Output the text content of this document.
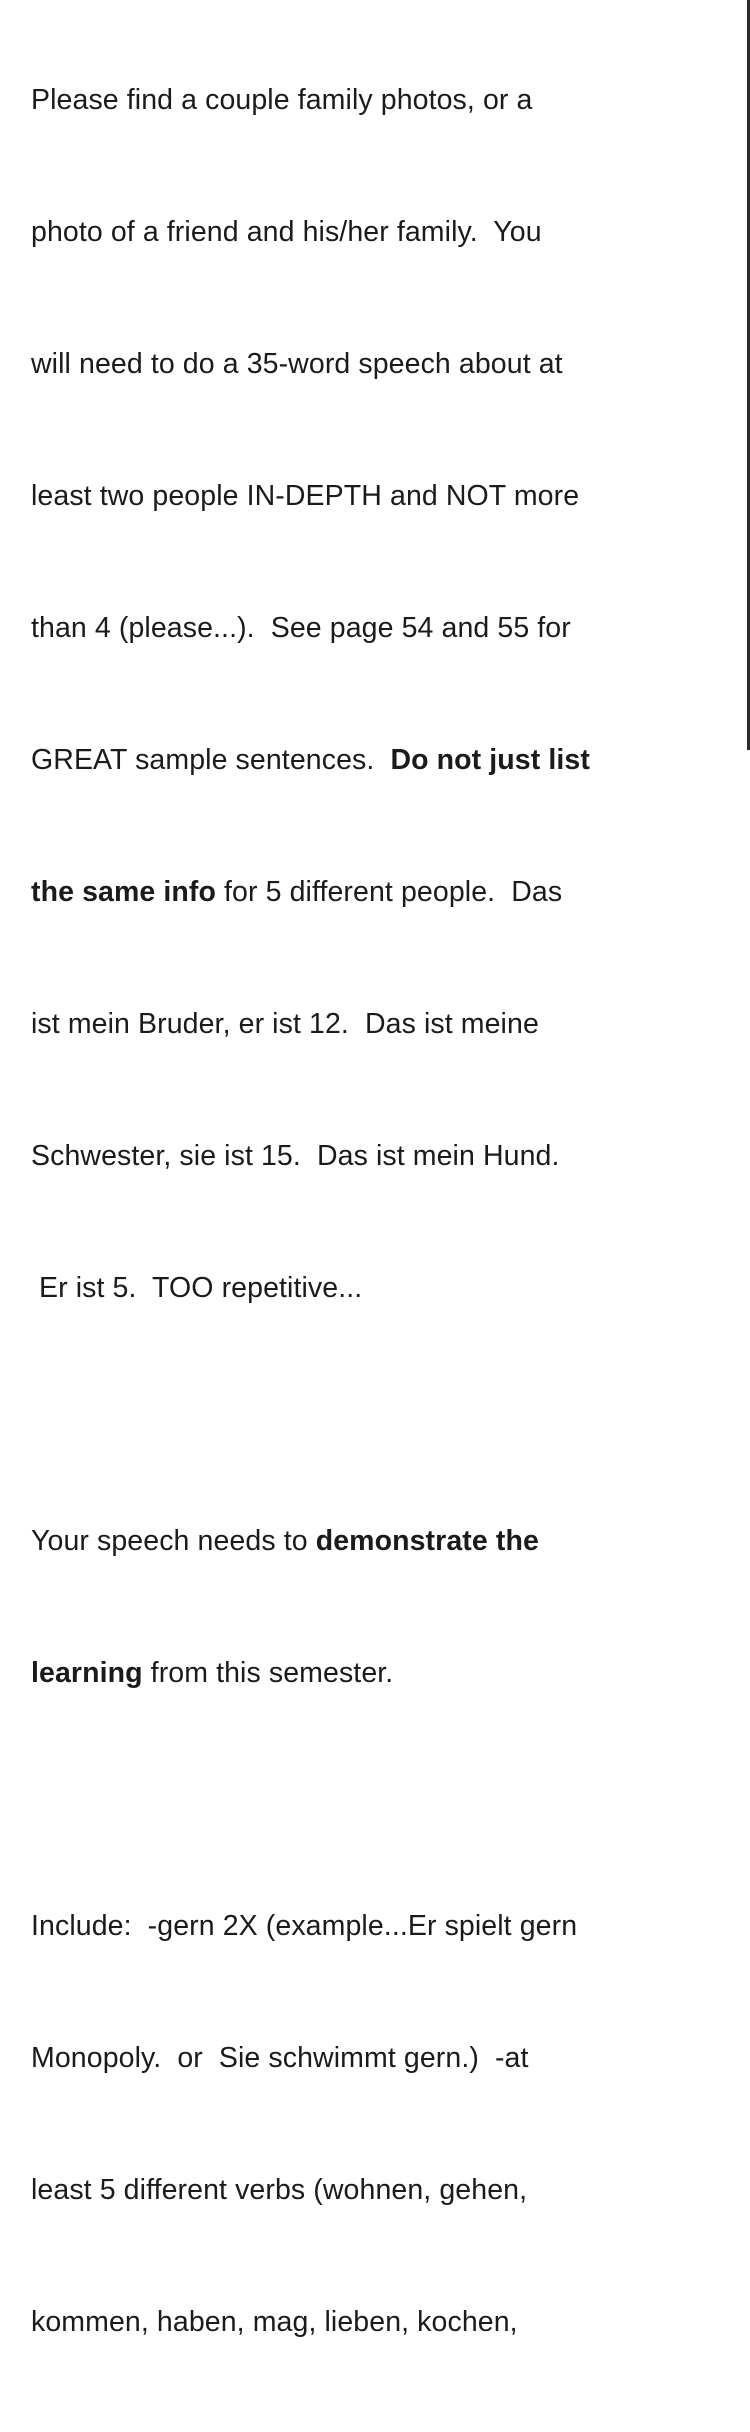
Please find a couple family photos, or a

photo of a friend and his/her family.  You

will need to do a 35-word speech about at

least two people IN-DEPTH and NOT more

than 4 (please...).  See page 54 and 55 for

GREAT sample sentences.  Do not just list

the same info for 5 different people.  Das

ist mein Bruder, er ist 12.  Das ist meine

Schwester, sie ist 15.  Das ist mein Hund.

Er ist 5.  TOO repetitive...

Your speech needs to demonstrate the

learning from this semester.

Include:  -gern 2X (example...Er spielt gern

Monopoly.  or  Sie schwimmt gern.)  -at

least 5 different verbs (wohnen, gehen,

kommen, haben, mag, lieben, kochen,
